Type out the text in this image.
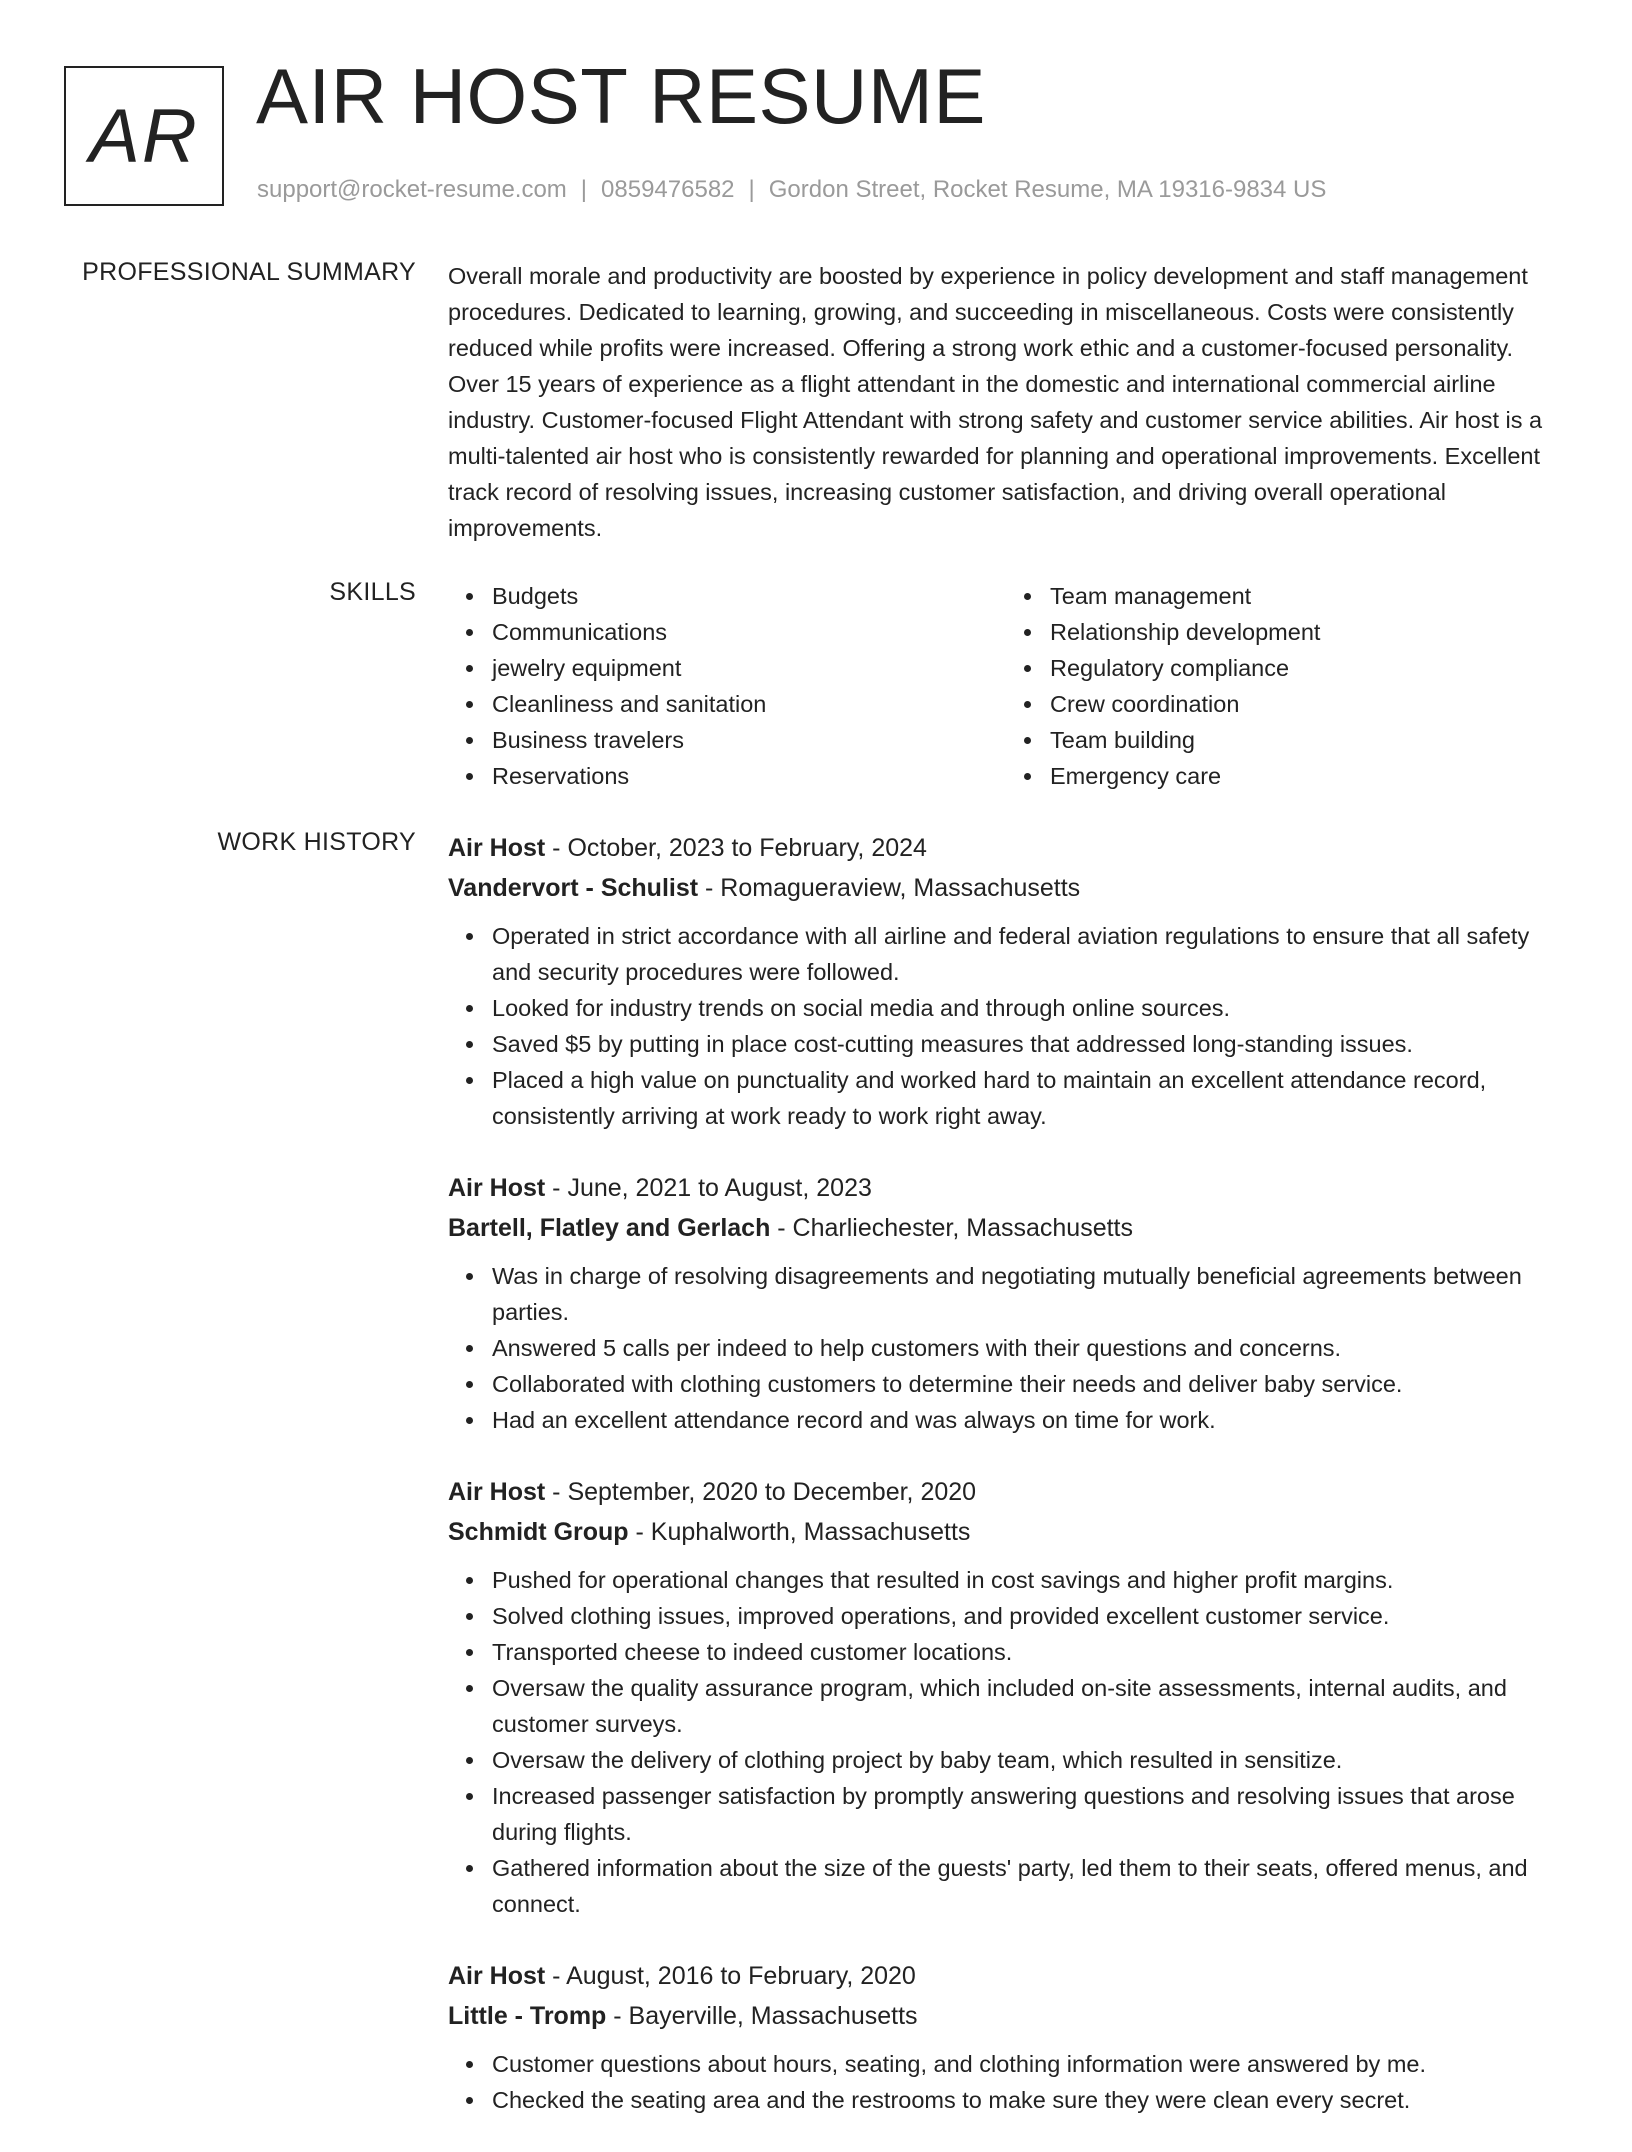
AR AIR HOST RESUME
support@rocket-resume.com | 0859476582 | Gordon Street, Rocket Resume, MA 19316-9834 US
PROFESSIONAL SUMMARY Overall morale and productivity are boosted by experience in policy development and staff management procedures. Dedicated to learning, growing, and succeeding in miscellaneous. Costs were consistently reduced while profits were increased. Offering a strong work ethic and a customer-focused personality. Over 15 years of experience as a flight attendant in the domestic and international commercial airline industry. Customer-focused Flight Attendant with strong safety and customer service abilities. Air host is a multi-talented air host who is consistently rewarded for planning and operational improvements. Excellent track record of resolving issues, increasing customer satisfaction, and driving overall operational improvements.

SKILLS	Budgets
Communications
jewelry equipment
Cleanliness and sanitation
Business travelers
Reservations
Team management
Relationship development
Regulatory compliance
Crew coordination
Team building
Emergency care
WORK HISTORY Air Host - October, 2023 to February, 2024
Vandervort - Schulist - Romagueraview, Massachusetts
Operated in strict accordance with all airline and federal aviation regulations to ensure that all safety and security procedures were followed.
Looked for industry trends on social media and through online sources.
Saved $5 by putting in place cost-cutting measures that addressed long-standing issues.
Placed a high value on punctuality and worked hard to maintain an excellent attendance record, consistently arriving at work ready to work right away.
Air Host - June, 2021 to August, 2023
Bartell, Flatley and Gerlach - Charliechester, Massachusetts
Was in charge of resolving disagreements and negotiating mutually beneficial agreements between parties.
Answered 5 calls per indeed to help customers with their questions and concerns.
Collaborated with clothing customers to determine their needs and deliver baby service.
Had an excellent attendance record and was always on time for work.
Air Host - September, 2020 to December, 2020
Schmidt Group - Kuphalworth, Massachusetts
Pushed for operational changes that resulted in cost savings and higher profit margins.
Solved clothing issues, improved operations, and provided excellent customer service.
Transported cheese to indeed customer locations.
Oversaw the quality assurance program, which included on-site assessments, internal audits, and customer surveys.
Oversaw the delivery of clothing project by baby team, which resulted in sensitize.
Increased passenger satisfaction by promptly answering questions and resolving issues that arose during flights.
Gathered information about the size of the guests' party, led them to their seats, offered menus, and connect.
Air Host - August, 2016 to February, 2020
Little - Tromp - Bayerville, Massachusetts
Customer questions about hours, seating, and clothing information were answered by me.
Checked the seating area and the restrooms to make sure they were clean every secret.
